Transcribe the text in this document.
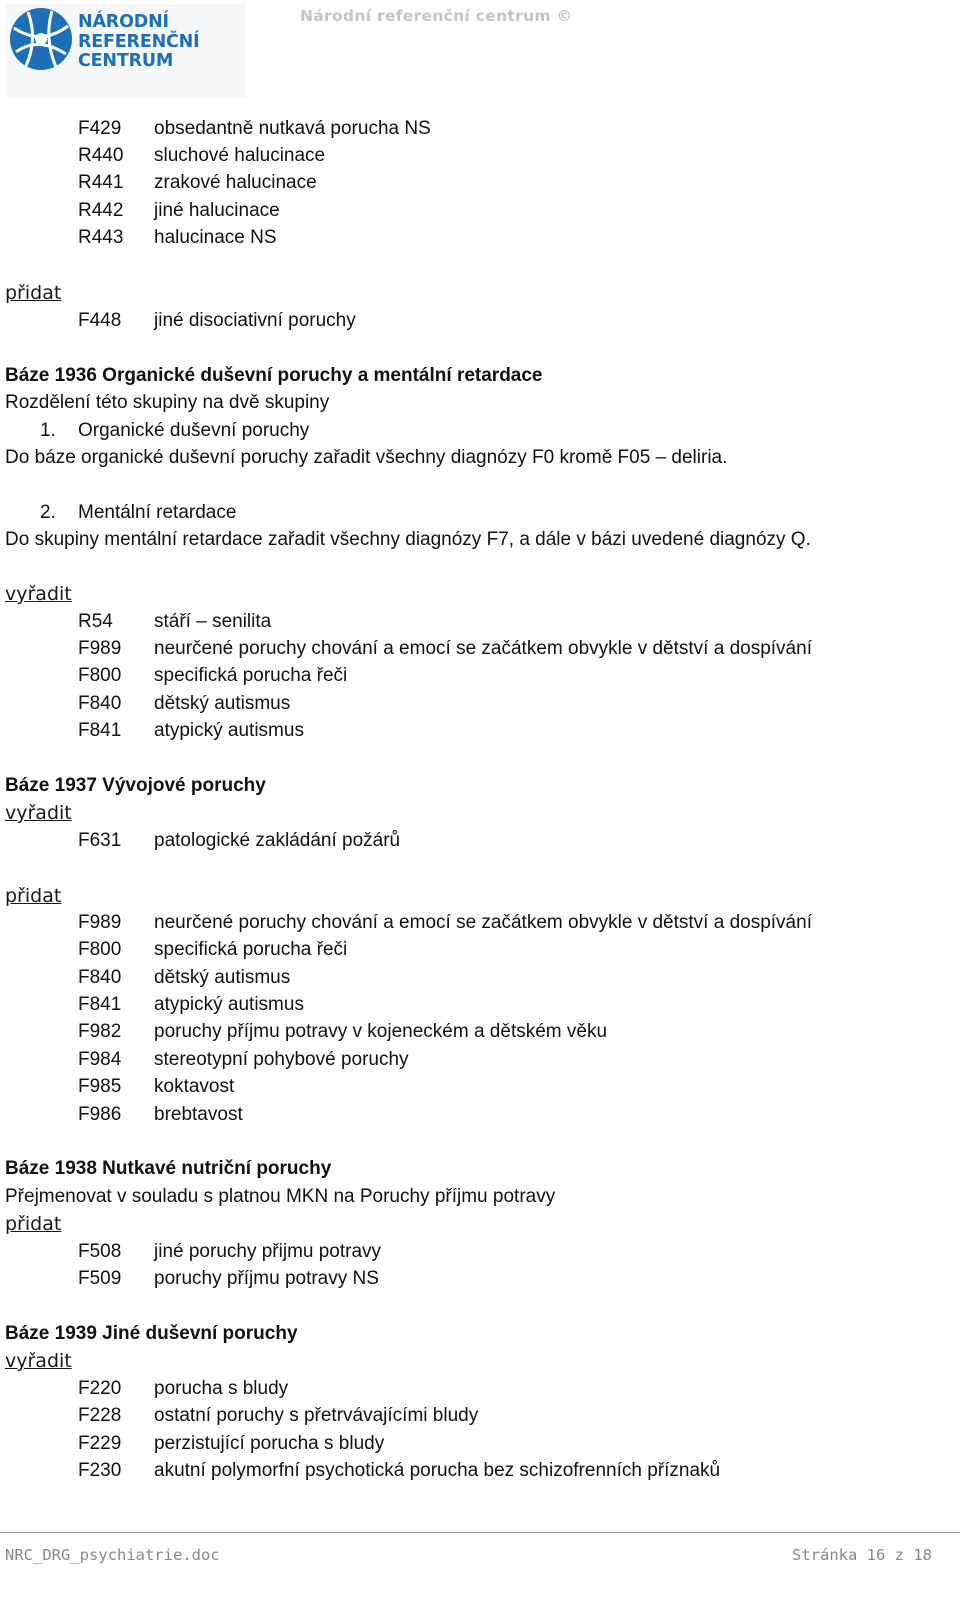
NÁRODNÍ
REFERENČNÍ
CENTRUM
Národní referenční centrum ©
F429 obsedantně nutkavá porucha NS
R440 sluchové halucinace
R441 zrakové halucinace
R442 jiné halucinace
R443 halucinace NS
přidat
F448 jiné disociativní poruchy
Báze 1936 Organické duševní poruchy a mentální retardace
Rozdělení této skupiny na dvě skupiny
1. Organické duševní poruchy
Do báze organické duševní poruchy zařadit všechny diagnózy F0 kromě F05 – deliria.
2. Mentální retardace
Do skupiny mentální retardace zařadit všechny diagnózy F7, a dále v bázi uvedené diagnózy Q.
vyřadit
R54 stáří – senilita
F989 neurčené poruchy chování a emocí se začátkem obvykle v dětství a dospívání
F800 specifická porucha řeči
F840 dětský autismus
F841 atypický autismus
Báze 1937 Vývojové poruchy
vyřadit
F631 patologické zakládání požárů
přidat
F989 neurčené poruchy chování a emocí se začátkem obvykle v dětství a dospívání
F800 specifická porucha řeči
F840 dětský autismus
F841 atypický autismus
F982 poruchy příjmu potravy v kojeneckém a dětském věku
F984 stereotypní pohybové poruchy
F985 koktavost
F986 brebtavost
Báze 1938 Nutkavé nutriční poruchy
Přejmenovat v souladu s platnou MKN na Poruchy příjmu potravy
přidat
F508 jiné poruchy přijmu potravy
F509 poruchy příjmu potravy NS
Báze 1939 Jiné duševní poruchy
vyřadit
F220 porucha s bludy
F228 ostatní poruchy s přetrvávajícími bludy
F229 perzistující porucha s bludy
F230 akutní polymorfní psychotická porucha bez schizofrenních příznaků
NRC_DRG_psychiatrie.doc	Stránka 16 z 18
